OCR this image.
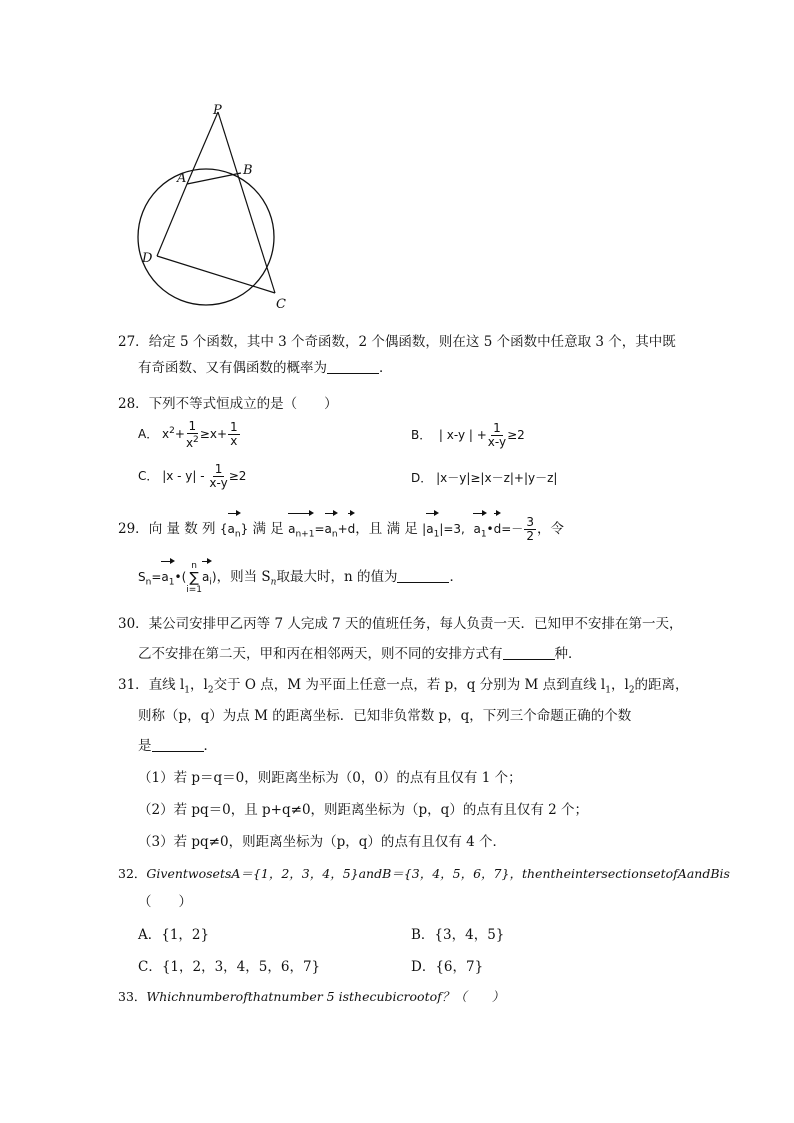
P
A
B
D
C
27．给定 5 个函数，其中 3 个奇函数，2 个偶函数，则在这 5 个函数中任意取 3 个，其中既
有奇函数、又有偶函数的概率为	．
28．下列不等式恒成立的是（　　）
A． $x^2+ \frac{1}{x^2} \ge x+ \frac{1}{x}$	B．  | x-y | + $\frac{1}{x-y} \ge 2$
C． $|x - y| - \frac{1}{x-y} \ge 2$	D． |x－y|≥|x－z|+|y－z|
29．向 量 数 列 $\{a_n\}$ 满 足 $a_{n+1}=a_n+d$，且 满 足 $|a_1|=3$, $a_1•d=- \frac{3}{2}$ ，令
$S_n=a_1•$(
n
∑
i=1
$a_i$)，则当 $S_n$取最大时，n 的值为	．
30．某公司安排甲乙丙等 7 人完成 7 天的值班任务，每人负责一天．已知甲不安排在第一天，
乙不安排在第二天，甲和丙在相邻两天，则不同的安排方式有	种．
31．直线 $l_1$，$l_2$交于 O 点，M 为平面上任意一点，若 p，q 分别为 M 点到直线 $l_1$，$l_2$的距离，
则称（p，q）为点 M 的距离坐标．已知非负常数 p，q，下列三个命题正确的个数
是	．
（1）若 p＝q＝0，则距离坐标为（0，0）的点有且仅有 1 个；
（2）若 pq＝0，且 p+q≠0，则距离坐标为（p，q）的点有且仅有 2 个；
（3）若 pq≠0，则距离坐标为（p，q）的点有且仅有 4 个．
32．GiventwosetsA＝{1，2，3，4，5}andB＝{3，4，5，6，7}，thentheintersectionsetofAandBis
（　　）
A．{1，2}	B．{3，4，5}
C．{1，2，3，4，5，6，7}	D．{6，7}
33．Whichnumberofthatnumber 5 isthecubicrootof？（　　）
